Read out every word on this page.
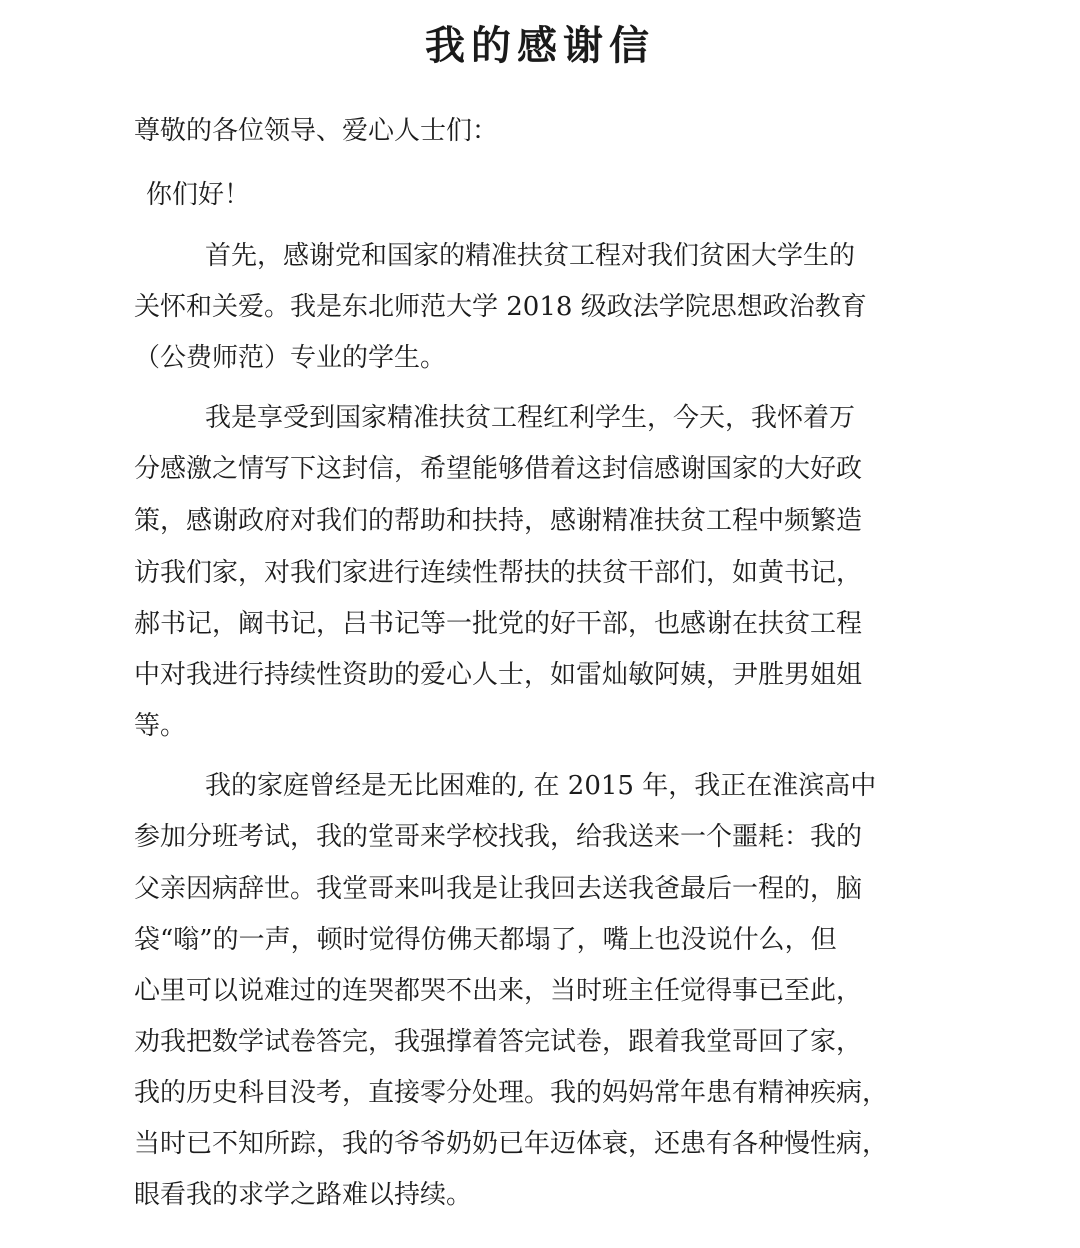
我的感谢信

尊敬的各位领导、爱心人士们：

你们好！

首先，感谢党和国家的精准扶贫工程对我们贫困大学生的

关怀和关爱。我是东北师范大学 2018 级政法学院思想政治教育

（公费师范）专业的学生。

我是享受到国家精准扶贫工程红利学生，今天，我怀着万

分感激之情写下这封信，希望能够借着这封信感谢国家的大好政

策，感谢政府对我们的帮助和扶持，感谢精准扶贫工程中频繁造

访我们家，对我们家进行连续性帮扶的扶贫干部们，如黄书记，

郝书记，阚书记，吕书记等一批党的好干部，也感谢在扶贫工程

中对我进行持续性资助的爱心人士，如雷灿敏阿姨，尹胜男姐姐

等。

我的家庭曾经是无比困难的, 在 2015 年，我正在淮滨高中

参加分班考试，我的堂哥来学校找我，给我送来一个噩耗：我的

父亲因病辞世。我堂哥来叫我是让我回去送我爸最后一程的，脑

袋“嗡”的一声，顿时觉得仿佛天都塌了，嘴上也没说什么，但

心里可以说难过的连哭都哭不出来，当时班主任觉得事已至此，

劝我把数学试卷答完，我强撑着答完试卷，跟着我堂哥回了家，

我的历史科目没考，直接零分处理。我的妈妈常年患有精神疾病，

当时已不知所踪，我的爷爷奶奶已年迈体衰，还患有各种慢性病，

眼看我的求学之路难以持续。
